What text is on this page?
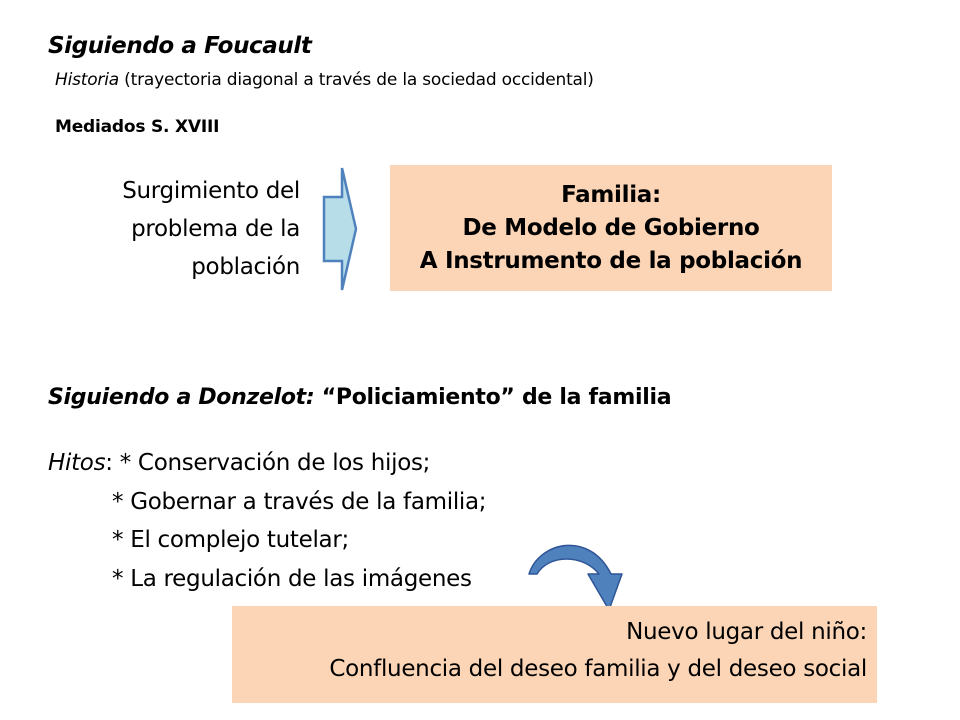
Siguiendo a Foucault
Historia (trayectoria diagonal a través de la sociedad occidental)
Mediados S. XVIII
Surgimiento del
problema de la
población
Familia:
De Modelo de Gobierno
A Instrumento de la población
Siguiendo a Donzelot: “Policiamiento” de la familia
Hitos: * Conservación de los hijos;
* Gobernar a través de la familia;
* El complejo tutelar;
* La regulación de las imágenes
Nuevo lugar del niño:
Confluencia del deseo familia y del deseo social
